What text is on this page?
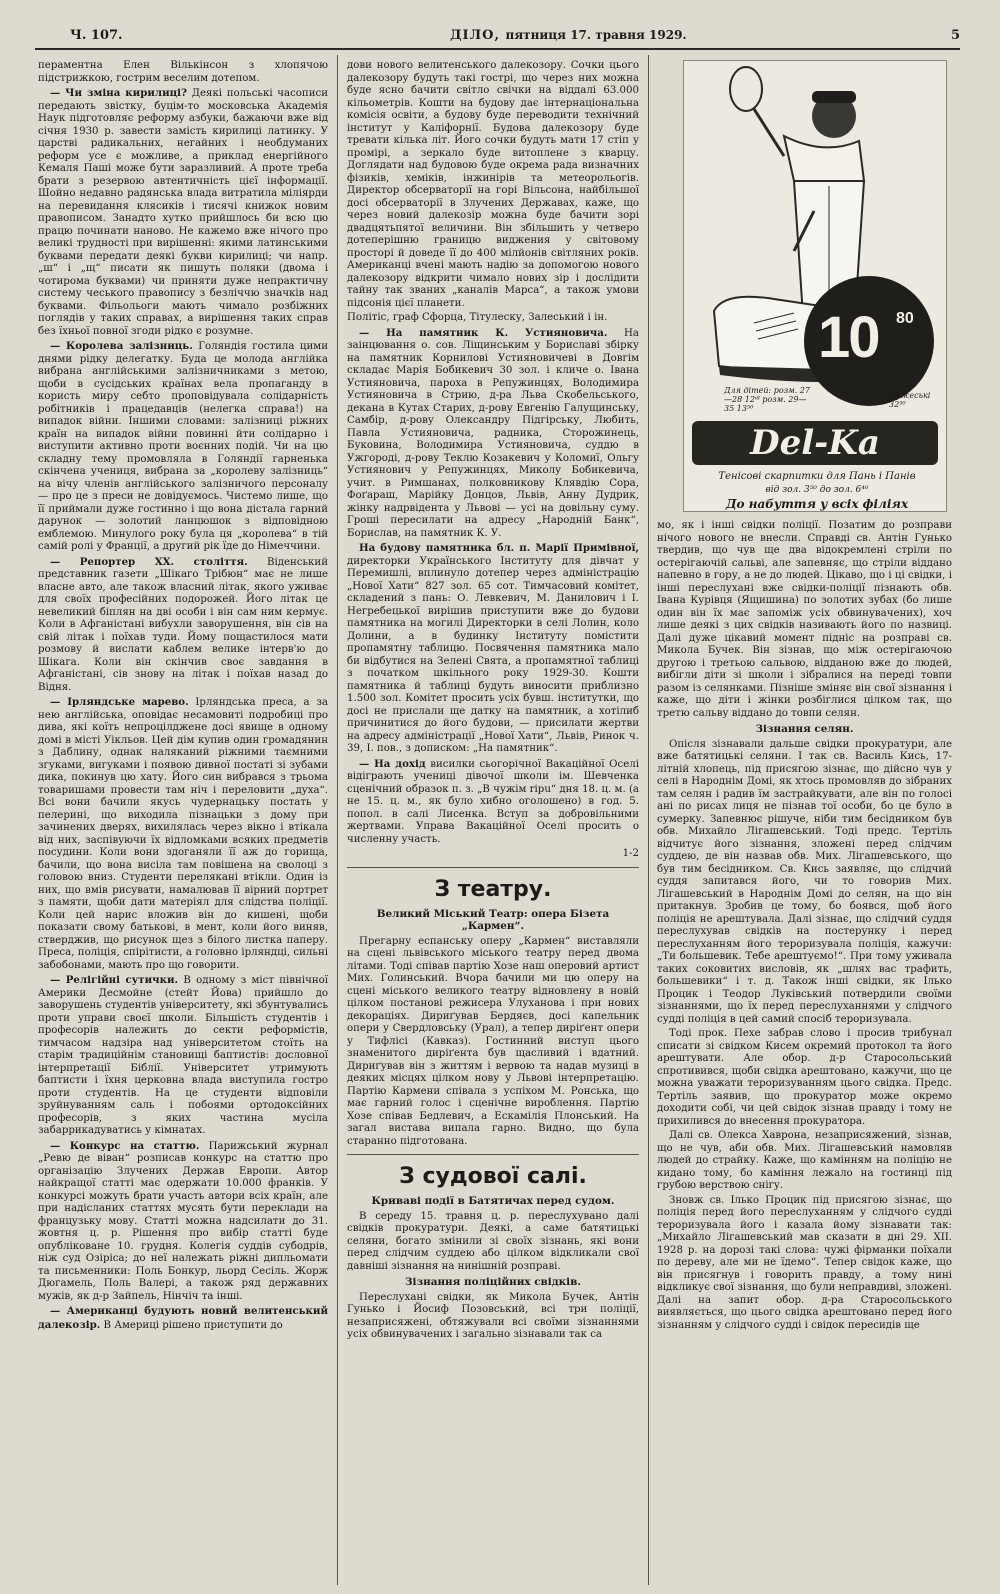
Ч. 107.	ДІЛО, пятниця 17. травня 1929.	5

пераментна Елен Вількінсон з хлопячою підстрижкою, гострим веселим дотепом.

— Чи зміна кирилиці? Деякі польські часописи передають звістку, буцім-то московська Академія Наук підготовляє реформу азбуки, бажаючи вже від січня 1930 р. завести замість кирилиці латинку. У царстві радикальних, негайних і необдуманих реформ усе є можливе, а приклад енергійного Кемаля Паші може бути заразливий. А проте треба брати з резервою автентичність цієї інформації. Шойно недавно радянська влада витратила міліярди на перевидання клясиків і тисячі книжок новим правописом. Занадто хутко прийшлось би всю цю працю починати наново. Не кажемо вже нічого про великі трудності при вирішенні: якими латинськими буквами передати деякі букви кирилиці; чи напр. „ш“ і „щ“ писати як пишуть поляки (двома і чотирома буквами) чи приняти дуже непрактичну систему чеського правопису з безліччю значків над буквами. Фільольоги мають чимало розбіжних поглядів у таких справах, а вирішення таких справ без їхньої повної згоди рідко є розумне.

— Королева залізниць. Голяндія гостила цими днями рідку делегатку. Буда це молода англійка вибрана англійськими залізничниками з метою, щоби в сусідських країнах вела пропаганду в користь миру себто проповідувала солідарність робітників і працедавців (нелегка справа!) на випадок війни. Іншими словами: залізниці ріжних країн на випадок війни повинні йти солідарно і виступити активно проти воєнних подій. Чи на цю складну тему промовляла в Голяндії гарненька скінчена учениця, вибрана за „королеву залізниць“ на вічу членів англійського залізничого персоналу — про це з преси не довідуємось. Чистемо лише, що її приймали дуже гостинно і що вона дістала гарний дарунок — золотий ланцюшок з відповідною емблемою. Минулого року була ця „королева“ в тій самій ролі у Франції, а другий рік їде до Німеччини.

— Репортер XX. століття. Віденський представник газети „Шікаго Трібюн“ має не лише власне авто, але також власний літак, якого уживає для своїх професійних подорожей. Його літак це невеликий біплян на дві особи і він сам ним кермує. Коли в Афганістані вибухли заворушення, він сів на свій літак і поїхав туди. Йому пощастилося мати розмову й вислати каблем велике інтерв'ю до Шікага. Коли він скінчив своє завдання в Афганістані, сів знову на літак і поїхав назад до Відня.

— Ірляндське марево. Ірляндська преса, а за нею англійська, оповідає несамовиті подробиці про дива, які коїть непроцілджене досі явище в одному домі в місті Уікльов. Цей дім купив один громадянин з Даблину, однак наляканий ріжними таємними згуками, вигуками і появою дивної постаті зі зубами дика, покинув цю хату. Його син вибрався з трьома товаришами провести там ніч і переловити „духа“. Всі вони бачили якусь чудернацьку постать у пелерині, що виходила пізнацьки з дому при зачинених дверях, вихилялась через вікно і втікала від них, заспівуючи їх відломками всяких предметів посудини. Коли вони здоганяли її аж до горища, бачили, що вона висіла там повішена на сволоці з головою вниз. Студенти перелякані втікли. Один із них, що вмів рисувати, намалював її вірний портрет з памяти, щоби дати матеріял для слідства поліції. Коли цей нарис вложив він до кишені, щоби показати свому батькові, в мент, коли його виняв, стверджив, що рисунок щез з білого листка паперу. Преса, поліція, спірітисти, а головно ірляндці, сильні забобонами, мають про що говорити.

— Релігійні сутички. В одному з міст північної Америки Десмойне (стейт Йова) прийшло до заворушень студентів університету, які збунтувались проти управи своєї школи. Більшість студентів і професорів належить до секти реформістів, тимчасом надзіра над університетом стоїть на старім традиційнім становищі баптистів: дословної інтерпретації Біблії. Університет утримують баптисти і їхня церковна влада виступила гостро проти студентів. На це студенти відповіли зруйнуванням саль і побоями ортодоксійних професорів, з яких частина мусіла забаррикадуватись у кімнатах.

— Конкурс на статтю. Парижський журнал „Ревю де віван“ розписав конкурс на статтю про організацію Злучених Держав Европи. Автор найкращої статті має одержати 10.000 франків. У конкурсі можуть брати участь автори всіх країн, але при надісланих статтях мусять бути переклади на французьку мову. Статті можна надсилати до 31. жовтня ц. р. Рішення про вибір статті буде опубліковане 10. грудня. Колегія суддів субодрів, ніж суд Озіріса; до неї належать ріжні дипльомати та письменники: Поль Бонкур, льорд Сесіль. Жорж Дюгамель, Поль Валері, а також ряд державних мужів, як д-р Зайпель, Нінчіч та інші.

— Американці будують новий велитенський далекозір. В Америці рішено приступити до

дови нового велитенського далекозору. Сочки цього далекозору будуть такі гострі, що через них можна буде ясно бачити світло свічки на віддалі 63.000 кільометрів. Кошти на будову дає інтернаціональна комісія освіти, а будову буде переводити технічний інститут у Каліфорнії. Будова далекозору буде тревати кілька літ. Його сочки будуть мати 17 стіп у промірі, а зеркало буде витоплене з кварцу. Доглядати над будовою буде окрема рада визначних фізиків, хеміків, інжинірів та метеорольогів. Директор обсерваторії на горі Вільсона, найбільшої досі обсерваторії в Злучених Державах, каже, що через новий далекозір можна буде бачити зорі двадцятьпятої величини. Він збільшить у четверо дотеперішню границю виджения у світовому просторі й доведе її до 400 мілйонів світляних років. Американці вчені мають надію за допомогою нового далекозору відкрити чимало нових зір і дослідити тайну так званих „каналів Марса“, а також умови підсонія цієї планети.

Політіс, граф Сфорца, Тітулеску, Залеський і ін.

— На памятник К. Устияновича. На заінцювання о. сов. Ліщинським у Бориславі збірку на памятник Корнилові Устияновичеві в Довгім складає Марія Бобикевич 30 зол. і кличе о. Івана Устияновича, пароха в Репужинцях, Володимира Устияновича в Стрию, д-ра Льва Скобельського, декана в Кутах Старих, д-рову Евгенію Галущинську, Самбір, д-рову Олександру Підгірську, Любить, Павла Устияновича, радника, Сторожинець, Буковина, Володимира Устияновича, суддю в Ужгороді, д-рову Теклю Козакевич у Коломиї, Ольгу Устиянович у Репужинцях, Миколу Бобикевича, учит. в Римшанах, полковникову Клявдію Сора, Фоґараш, Марійку Донцов, Львів, Анну Дудрик, жінку надрвідента у Львові — усі на довільну суму. Гроші пересилати на адресу „Народній Банк“, Борислав, на памятник К. У.

На будову памятника бл. п. Марії Примівної, директорки Українського Інституту для дівчат у Перемишлі, вплинуло дотепер через адміністрацію „Нової Хати“ 827 зол. 65 сот. Тимчасовий комітет, складений з пань: О. Левкевич, М. Данилович і І. Негребецької вирішив приступити вже до будови памятника на могилі Директорки в селі Лолин, коло Долини, а в будинку Інституту помістити пропамятну таблицю. Посвячення памятника мало би відбутися на Зелені Свята, а пропамятної таблиці з початком шкільного року 1929-30. Кошти памятника й таблиці будуть виносити приблизно 1.500 зол. Комітет просить усіх бувш. інститутки, що досі не прислали ще датку на памятник, а хотілиб причинитися до його будови, — присилати жертви на адресу адміністрації „Нової Хати“, Львів, Ринок ч. 39, І. пов., з дописком: „На памятник“.

— На дохід висилки сьогорічної Вакаційної Оселі відіграють учениці дівочої школи ім. Шевченка сценічний образок п. з. „В чужім ripu“ дня 18. ц. м. (а не 15. ц. м., як було хибно оголошено) в год. 5. попол. в салі Лисенка. Вступ за добровільними жертвами. Управа Вакаційної Оселі просить о численну участь.

1-2

З театру.
Великий Міський Театр: опера Бізета „Кармен“.

Прегарну еспанську оперу „Кармен“ виставляли на сцені львівського міського театру перед двома літами. Тоді співав партію Хозе наш оперовий артист Мих. Голинський. Вчора бачили ми цю оперу на сцені міського великого театру відновлену в новій цілком постанові режисера Улуханова і при нових декораціях. Дириґував Бердяєв, досі капельник опери у Свердловську (Урал), а тепер диріґент опери у Тифлісі (Кавказ). Гостинний виступ цього знаменитого диріґента був щасливий і вдатний. Дириґував він з життям і вервою та надав музиці в деяких місцях цілком нову у Львові інтерпретацію. Партію Кармени співала з успіхом М. Ронська, що має гарний голос і сценічне вироблення. Партію Хозе співав Бедлевич, а Ескамілія Плонський. На загал вистава випала гарно. Видно, що була старанно підготована.

З судової салі.
Криваві події в Батятичах перед судом.

В середу 15. травня ц. р. переслухувано далі свідків прокуратури. Деякі, а саме батятицькі селяни, богато змінили зі своїх зізнань, які вони перед слідчим суддею або цілком відкликали свої давніші зізнання на нинішній розправі.

Зізнання поліційних свідків.

Переслухані свідки, як Микола Бучек, Антін Гунько і Йосиф Позовський, всі три поліції, незаприсяжені, обтяжували всі своїми зізнаннями усіх обвинувачених і загально зізнавали так са

10 80
Для дітей: розм. 27—28 12ⁱ⁸ розм. 29—35 13⁵⁰
мужеські 32⁵⁰
Del-Ka
Тенісові скарпитки для Пань і Панів
від зол. 3⁵⁰ до зол. 6⁴⁰
До набуття у всіх філіях

мо, як і інші свідки поліції. Позатим до розправи нічого нового не внесли. Справді св. Антін Гунько твердив, що чув ще два відокремлені стріли по остерігаючій сальві, але запевняє, що стріли віддано напевно в гору, а не до людей. Цікаво, що і ці свідки, і інші переслухані вже свідки-поліції пізнають обв. Івана Курівця (Ящишина) по золотих зубах (бо лише один він їх має запоміж усіх обвинувачених), хоч лише деякі з цих свідків називають його по назвиці. Далі дуже цікавий момент підніс на розправі св. Микола Бучек. Він зізнав, що між остерігаючою другою і третьою сальвою, відданою вже до людей, вибігли діти зі школи і зібралися на переді товпи разом із селянками. Пізніше зміняє він свої зізнання і каже, що діти і жінки розбіглися цілком так, що третю сальву віддано до товпи селян.

Зізнання селян.

Опісля зізнавали дальше свідки прокуратури, але вже батятицькі селяни. І так св. Василь Кись, 17-літній хлопець, під присягою зізнає, що дійсно чув у селі в Народнім Домі, як хтось промовляв до зібраних там селян і радив їм застрайкувати, але він по голосі ані по рисах лиця не пізнав тої особи, бо це було в сумерку. Запевнює рішуче, ніби тим бесідником був обв. Михайло Лігашевський. Тоді предс. Тертіль відчитує його зізнання, зложені перед слідчим суддею, де він назвав обв. Мих. Лігашевського, що був тим бесідником. Св. Кись заявляє, що слідчий суддя запитався його, чи то говорив Мих. Лігашевський в Народнім Домі до селян, на що він притакнув. Зробив це тому, бо боявся, щоб його поліція не арештувала. Далі зізнає, що слідчий суддя переслухував свідків на постерунку і перед переслуханням його тероризувала поліція, кажучи: „Ти большевик. Тебе арештуємо!“. При тому уживала таких соковитих висловів, як „шлях вас трафить, большевики“ і т. д. Також інші свідки, як Ілько Процик і Теодор Луківський потвердили своїми зізнаннями, що їх перед переслуханнями у слідчого судді поліція в цей самий спосіб тероризувала.

Тоді прок. Пехе забрав слово і просив трибунал списати зі свідком Кисем окремий протокол та його арештувати. Але обор. д-р Старосольський спротивився, щоби свідка арештовано, кажучи, що це можна уважати тероризуванням цього свідка. Предс. Тертіль заявив, що прокуратор може окремо доходити собі, чи цей свідок зізнав правду і тому не прихилився до внесення прокуратора.

Далі св. Олекса Хаврона, незаприсяжений, зізнав, що не чув, аби обв. Мих. Лігашевський намовляв людей до страйку. Каже, що камінням на поліцію не кидано тому, бо каміння лежало на гостинці під грубою верствою снігу.

Зновж св. Ілько Процик під присягою зізнає, що поліція перед його переслуханням у слідчого судді тероризувала його і казала йому зізнавати так: „Михайло Лігашевський мав сказати в дні 29. XII. 1928 р. на дорозі такі слова: чужі фірманки поїхали по дереву, але ми не їдемо“. Тепер свідок каже, що він присягнув і говорить правду, а тому нині відкликує свої зізнання, що були неправдиві, зложені. Далі на запит обор. д-ра Старосольського виявляється, що цього свідка арештовано перед його зізнанням у слідчого судді і свідок пересидів ще
